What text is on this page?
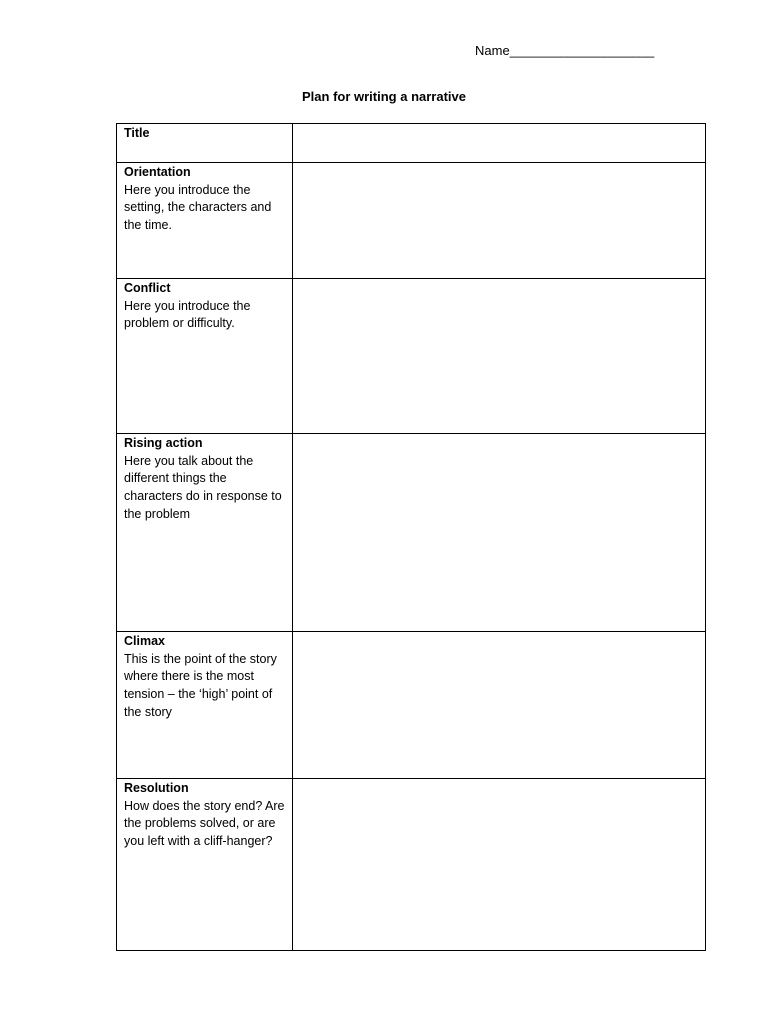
Name____________________
Plan for writing a narrative
Title	

Orientation
Here you introduce the setting, the characters and the time.	

Conflict
Here you introduce the problem or difficulty.	

Rising action
Here you talk about the different things the characters do in response to the problem	

Climax
This is the point of the story where there is the most tension – the ‘high’ point of the story	

Resolution
How does the story end? Are the problems solved, or are you left with a cliff-hanger?	
